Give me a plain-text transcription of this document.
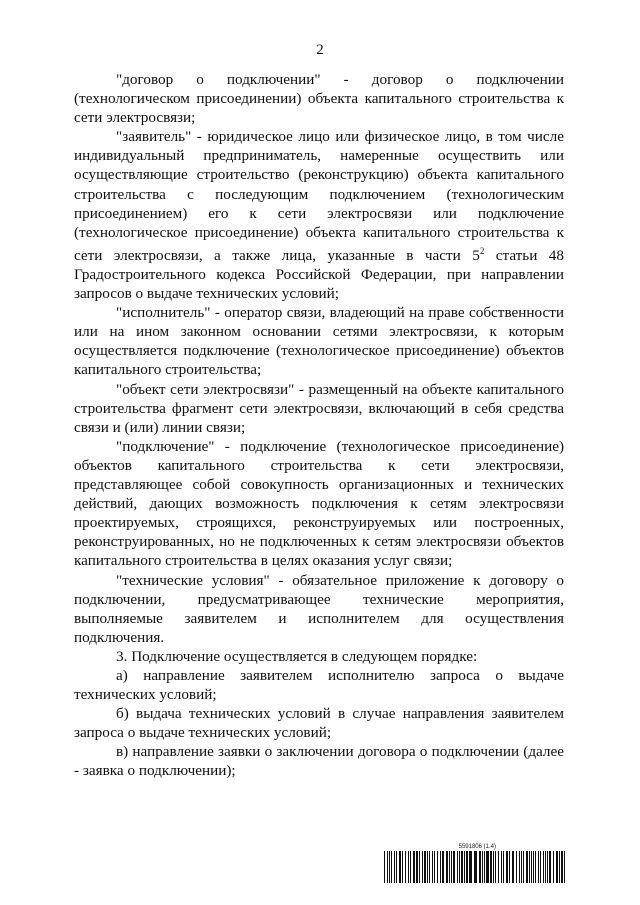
2

"договор о подключении" - договор о подключении (технологическом присоединении) объекта капитального строительства к сети электросвязи;

"заявитель" - юридическое лицо или физическое лицо, в том числе индивидуальный предприниматель, намеренные осуществить или осуществляющие строительство (реконструкцию) объекта капитального строительства с последующим подключением (технологическим присоединением) его к сети электросвязи или подключение (технологическое присоединение) объекта капитального строительства к сети электросвязи, а также лица, указанные в части $5^2$ статьи 48 Градостроительного кодекса Российской Федерации, при направлении запросов о выдаче технических условий;

"исполнитель" - оператор связи, владеющий на праве собственности или на ином законном основании сетями электросвязи, к которым осуществляется подключение (технологическое присоединение) объектов капитального строительства;

"объект сети электросвязи" - размещенный на объекте капитального строительства фрагмент сети электросвязи, включающий в себя средства связи и (или) линии связи;

"подключение" - подключение (технологическое присоединение) объектов капитального строительства к сети электросвязи, представляющее собой совокупность организационных и технических действий, дающих возможность подключения к сетям электросвязи проектируемых, строящихся, реконструируемых или построенных, реконструированных, но не подключенных к сетям электросвязи объектов капитального строительства в целях оказания услуг связи;

"технические условия" - обязательное приложение к договору о подключении, предусматривающее технические мероприятия, выполняемые заявителем и исполнителем для осуществления подключения.

3. Подключение осуществляется в следующем порядке:

а) направление заявителем исполнителю запроса о выдаче технических условий;

б) выдача технических условий в случае направления заявителем запроса о выдаче технических условий;

в) направление заявки о заключении договора о подключении (далее - заявка о подключении);

5591806 (1.4)
